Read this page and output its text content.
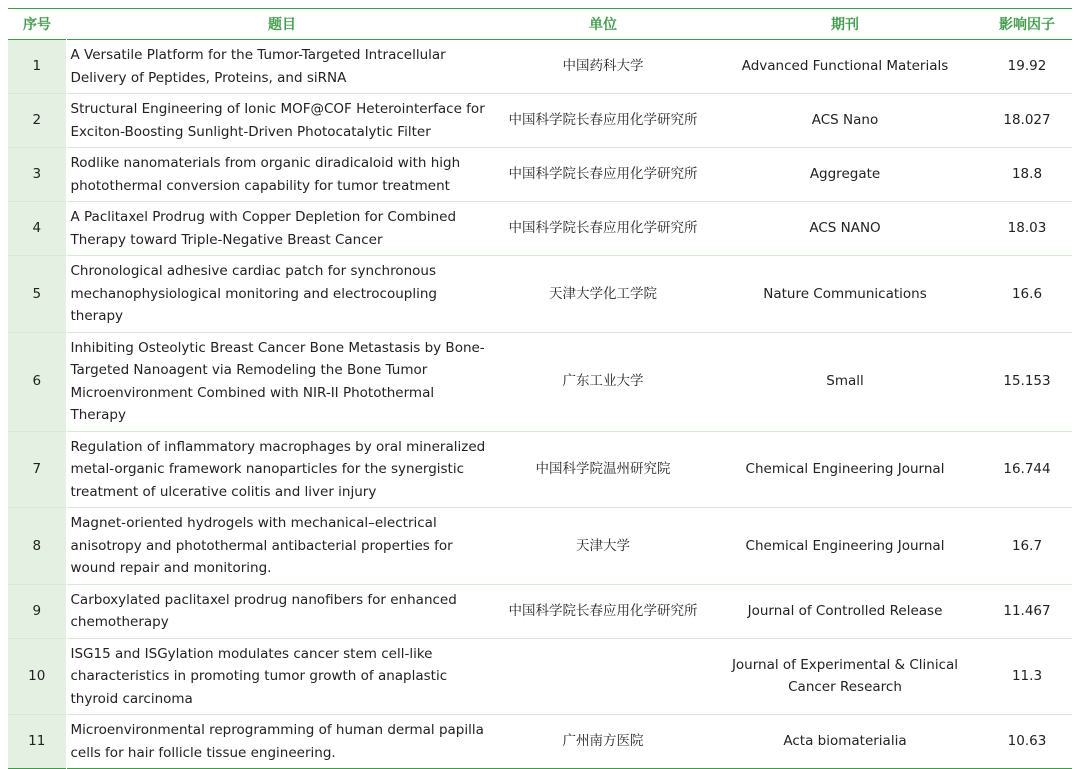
序号	题目	单位	期刊	影响因子
1	A Versatile Platform for the Tumor-Targeted Intracellular Delivery of Peptides, Proteins, and siRNA	中国药科大学	Advanced Functional Materials	19.92
2	Structural Engineering of Ionic MOF@COF Heterointerface for Exciton-Boosting Sunlight-Driven Photocatalytic Filter	中国科学院长春应用化学研究所	ACS Nano	18.027
3	Rodlike nanomaterials from organic diradicaloid with high photothermal conversion capability for tumor treatment	中国科学院长春应用化学研究所	Aggregate	18.8
4	A Paclitaxel Prodrug with Copper Depletion for Combined Therapy toward Triple-Negative Breast Cancer	中国科学院长春应用化学研究所	ACS NANO	18.03
5	Chronological adhesive cardiac patch for synchronous mechanophysiological monitoring and electrocoupling therapy	天津大学化工学院	Nature Communications	16.6
6	Inhibiting Osteolytic Breast Cancer Bone Metastasis by Bone-Targeted Nanoagent via Remodeling the Bone Tumor Microenvironment Combined with NIR-II Photothermal Therapy	广东工业大学	Small	15.153
7	Regulation of inflammatory macrophages by oral mineralized metal-organic framework nanoparticles for the synergistic treatment of ulcerative colitis and liver injury	中国科学院温州研究院	Chemical Engineering Journal	16.744
8	Magnet-oriented hydrogels with mechanical–electrical anisotropy and photothermal antibacterial properties for wound repair and monitoring.	天津大学	Chemical Engineering Journal	16.7
9	Carboxylated paclitaxel prodrug nanofibers for enhanced chemotherapy	中国科学院长春应用化学研究所	Journal of Controlled Release	11.467
10	ISG15 and ISGylation modulates cancer stem cell-like characteristics in promoting tumor growth of anaplastic thyroid carcinoma		Journal of Experimental & Clinical Cancer Research	11.3
11	Microenvironmental reprogramming of human dermal papilla cells for hair follicle tissue engineering.	广州南方医院	Acta biomaterialia	10.63
